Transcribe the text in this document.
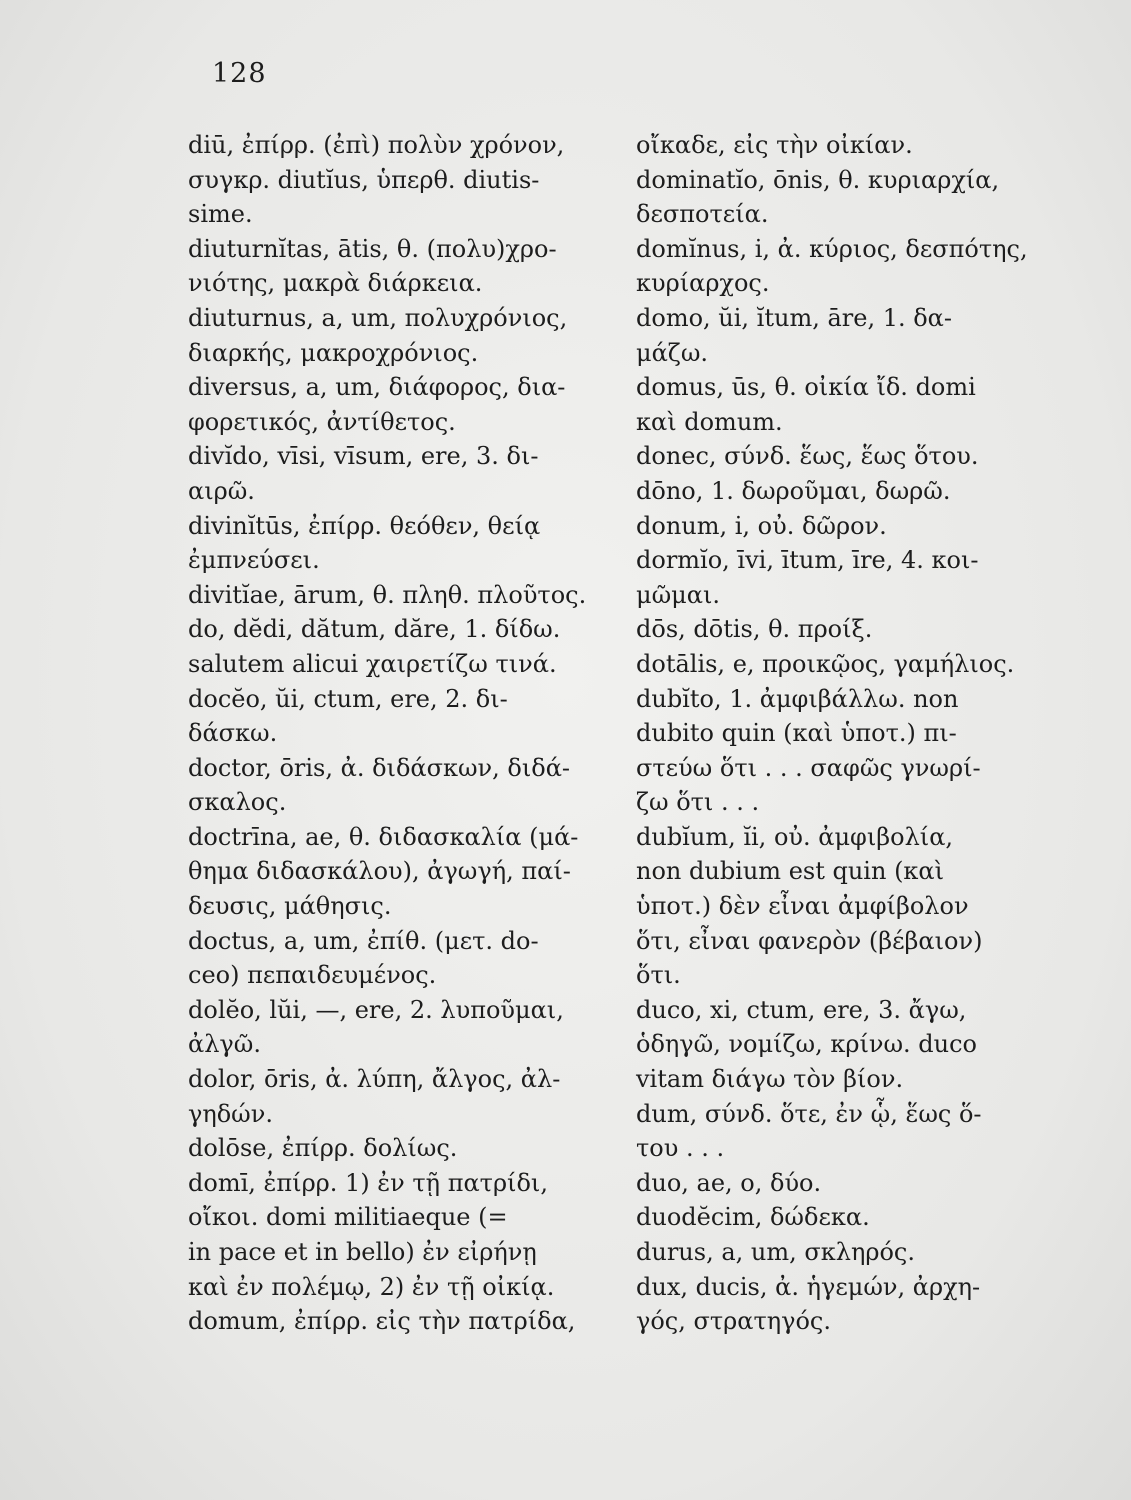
128
diū, ἐπίρρ. (ἐπὶ) πολὺν χρόνον,
συγκρ. diutĭus, ὑπερθ. diutis-
sime.
diuturnĭtas, ātis, θ. (πολυ)χρο-
νιότης, μακρὰ διάρκεια.
diuturnus, a, um, πολυχρόνιος,
διαρκής, μακροχρόνιος.
diversus, a, um, διάφορος, δια-
φορετικός, ἀντίθετος.
divĭdo, vīsi, vīsum, ere, 3. δι-
αιρῶ.
divinĭtūs, ἐπίρρ. θεόθεν, θείᾳ
ἐμπνεύσει.
divitĭae, ārum, θ. πληθ. πλοῦτος.
do, dĕdi, dătum, dăre, 1. δίδω.
salutem alicui χαιρετίζω τινά.
docĕo, ŭi, ctum, ere, 2. δι-
δάσκω.
doctor, ōris, ἀ. διδάσκων, διδά-
σκαλος.
doctrīna, ae, θ. διδασκαλία (μά-
θημα διδασκάλου), ἀγωγή, παί-
δευσις, μάθησις.
doctus, a, um, ἐπίθ. (μετ. do-
ceo) πεπαιδευμένος.
dolĕo, lŭi, —, ere, 2. λυποῦμαι,
ἀλγῶ.
dolor, ōris, ἀ. λύπη, ἄλγος, ἀλ-
γηδών.
dolōse, ἐπίρρ. δολίως.
domī, ἐπίρρ. 1) ἐν τῇ πατρίδι,
οἴκοι. domi militiaeque (=
in pace et in bello) ἐν εἰρήνῃ
καὶ ἐν πολέμῳ, 2) ἐν τῇ οἰκίᾳ.
domum, ἐπίρρ. εἰς τὴν πατρίδα,
οἴκαδε, εἰς τὴν οἰκίαν.
dominatĭo, ōnis, θ. κυριαρχία,
δεσποτεία.
domĭnus, i, ἀ. κύριος, δεσπότης,
κυρίαρχος.
domo, ŭi, ĭtum, āre, 1. δα-
μάζω.
domus, ūs, θ. οἰκία ἴδ. domi
καὶ domum.
donec, σύνδ. ἕως, ἕως ὅτου.
dōno, 1. δωροῦμαι, δωρῶ.
donum, i, οὐ. δῶρον.
dormĭo, īvi, ītum, īre, 4. κοι-
μῶμαι.
dōs, dōtis, θ. προίξ.
dotālis, e, προικῷος, γαμήλιος.
dubĭto, 1. ἀμφιβάλλω. non
dubito quin (καὶ ὑποτ.) πι-
στεύω ὅτι . . . σαφῶς γνωρί-
ζω ὅτι . . .
dubĭum, ĭi, οὐ. ἀμφιβολία,
non dubium est quin (καὶ
ὑποτ.) δὲν εἶναι ἀμφίβολον
ὅτι, εἶναι φανερὸν (βέβαιον)
ὅτι.
duco, xi, ctum, ere, 3. ἄγω,
ὁδηγῶ, νομίζω, κρίνω. duco
vitam διάγω τὸν βίον.
dum, σύνδ. ὅτε, ἐν ᾧ, ἕως ὅ-
του . . .
duo, ae, o, δύο.
duodĕcim, δώδεκα.
durus, a, um, σκληρός.
dux, ducis, ἀ. ἡγεμών, ἀρχη-
γός, στρατηγός.
